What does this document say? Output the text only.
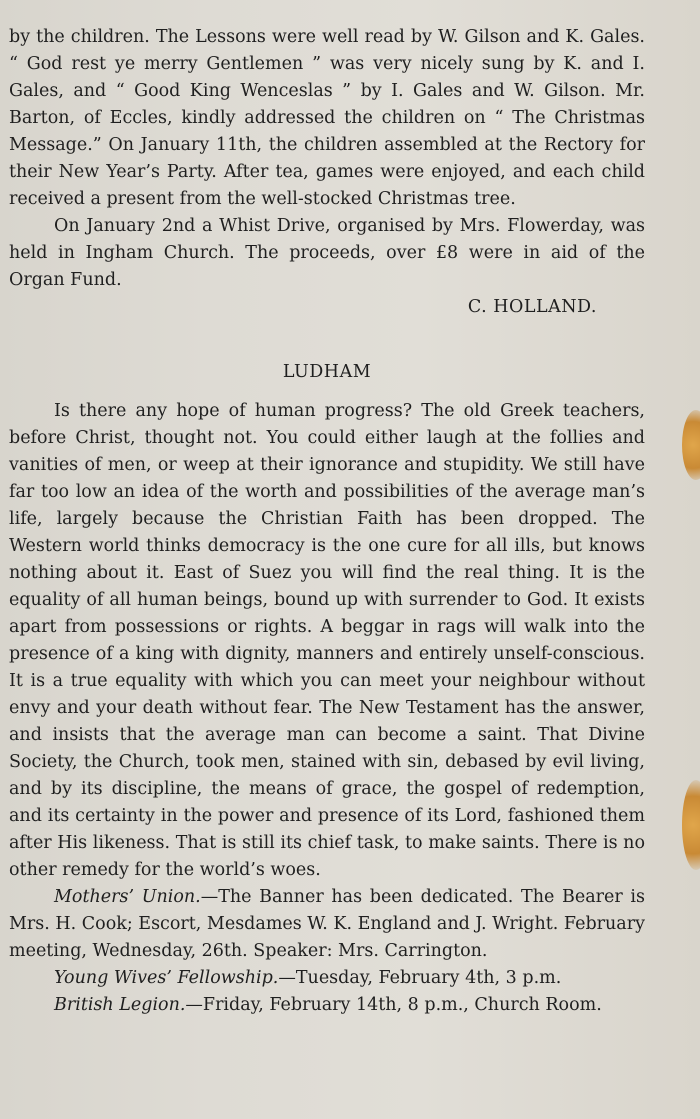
by the children. The Lessons were well read by W. Gilson and K. Gales. “ God rest ye merry Gentlemen ” was very nicely sung by K. and I. Gales, and “ Good King Wenceslas ” by I. Gales and W. Gilson. Mr. Barton, of Eccles, kindly addressed the children on “ The Christmas Message.” On January 11th, the children assembled at the Rectory for their New Year’s Party. After tea, games were enjoyed, and each child received a present from the well-stocked Christmas tree.

On January 2nd a Whist Drive, organised by Mrs. Flowerday, was held in Ingham Church. The proceeds, over £8 were in aid of the Organ Fund.

C. HOLLAND.

LUDHAM

Is there any hope of human progress? The old Greek teachers, before Christ, thought not. You could either laugh at the follies and vanities of men, or weep at their ignorance and stupidity. We still have far too low an idea of the worth and possibilities of the average man’s life, largely because the Christian Faith has been dropped. The Western world thinks democracy is the one cure for all ills, but knows nothing about it. East of Suez you will find the real thing. It is the equality of all human beings, bound up with surrender to God. It exists apart from possessions or rights. A beggar in rags will walk into the presence of a king with dignity, manners and entirely unself-conscious. It is a true equality with which you can meet your neighbour without envy and your death without fear. The New Testament has the answer, and insists that the average man can become a saint. That Divine Society, the Church, took men, stained with sin, debased by evil living, and by its discipline, the means of grace, the gospel of redemption, and its certainty in the power and presence of its Lord, fashioned them after His likeness. That is still its chief task, to make saints. There is no other remedy for the world’s woes.

Mothers’ Union.—The Banner has been dedicated. The Bearer is Mrs. H. Cook; Escort, Mesdames W. K. England and J. Wright. February meeting, Wednesday, 26th. Speaker: Mrs. Carrington.

Young Wives’ Fellowship.—Tuesday, February 4th, 3 p.m.

British Legion.—Friday, February 14th, 8 p.m., Church Room.
